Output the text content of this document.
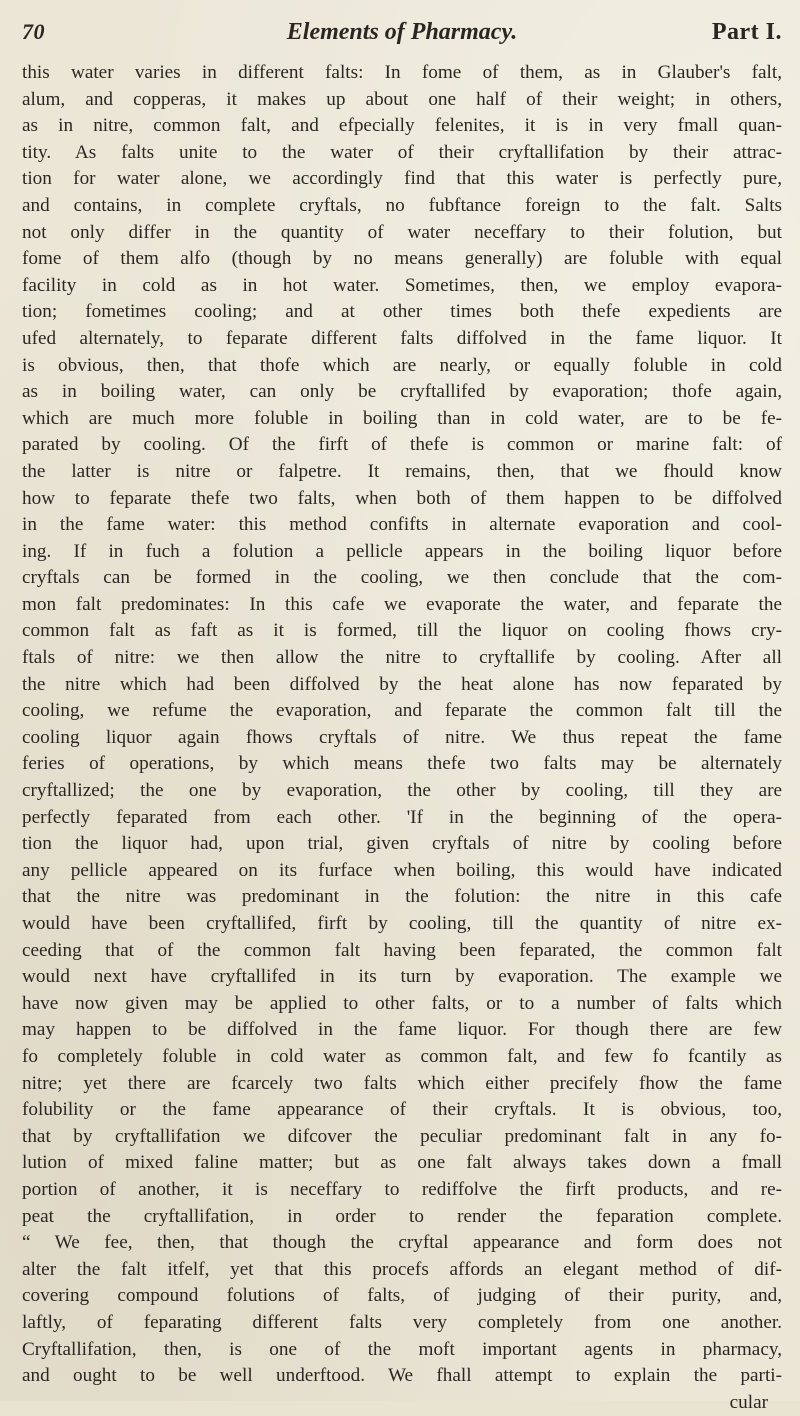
70	Elements of Pharmacy.	Part I.
this water varies in different falts: In fome of them, as in Glauber's falt,
alum, and copperas, it makes up about one half of their weight; in others,
as in nitre, common falt, and efpecially felenites, it is in very fmall quan-
tity. As falts unite to the water of their cryftallifation by their attrac-
tion for water alone, we accordingly find that this water is perfectly pure,
and contains, in complete cryftals, no fubftance foreign to the falt. Salts
not only differ in the quantity of water neceffary to their folution, but
fome of them alfo (though by no means generally) are foluble with equal
facility in cold as in hot water. Sometimes, then, we employ evapora-
tion; fometimes cooling; and at other times both thefe expedients are
ufed alternately, to feparate different falts diffolved in the fame liquor. It
is obvious, then, that thofe which are nearly, or equally foluble in cold
as in boiling water, can only be cryftallifed by evaporation; thofe again,
which are much more foluble in boiling than in cold water, are to be fe-
parated by cooling. Of the firft of thefe is common or marine falt: of
the latter is nitre or falpetre. It remains, then, that we fhould know
how to feparate thefe two falts, when both of them happen to be diffolved
in the fame water: this method confifts in alternate evaporation and cool-
ing. If in fuch a folution a pellicle appears in the boiling liquor before
cryftals can be formed in the cooling, we then conclude that the com-
mon falt predominates: In this cafe we evaporate the water, and feparate the
common falt as faft as it is formed, till the liquor on cooling fhows cry-
ftals of nitre: we then allow the nitre to cryftallife by cooling. After all
the nitre which had been diffolved by the heat alone has now feparated by
cooling, we refume the evaporation, and feparate the common falt till the
cooling liquor again fhows cryftals of nitre. We thus repeat the fame
feries of operations, by which means thefe two falts may be alternately
cryftallized; the one by evaporation, the other by cooling, till they are
perfectly feparated from each other. 'If in the beginning of the opera-
tion the liquor had, upon trial, given cryftals of nitre by cooling before
any pellicle appeared on its furface when boiling, this would have indicated
that the nitre was predominant in the folution: the nitre in this cafe
would have been cryftallifed, firft by cooling, till the quantity of nitre ex-
ceeding that of the common falt having been feparated, the common falt
would next have cryftallifed in its turn by evaporation. The example we
have now given may be applied to other falts, or to a number of falts which
may happen to be diffolved in the fame liquor. For though there are few
fo completely foluble in cold water as common falt, and few fo fcantily as
nitre; yet there are fcarcely two falts which either precifely fhow the fame
folubility or the fame appearance of their cryftals. It is obvious, too,
that by cryftallifation we difcover the peculiar predominant falt in any fo-
lution of mixed faline matter; but as one falt always takes down a fmall
portion of another, it is neceffary to rediffolve the firft products, and re-
peat the cryftallifation, in order to render the feparation complete.
“ We fee, then, that though the cryftal appearance and form does not
alter the falt itfelf, yet that this procefs affords an elegant method of dif-
covering compound folutions of falts, of judging of their purity, and,
laftly, of feparating different falts very completely from one another.
Cryftallifation, then, is one of the moft important agents in pharmacy,
and ought to be well underftood. We fhall attempt to explain the parti-
cular
